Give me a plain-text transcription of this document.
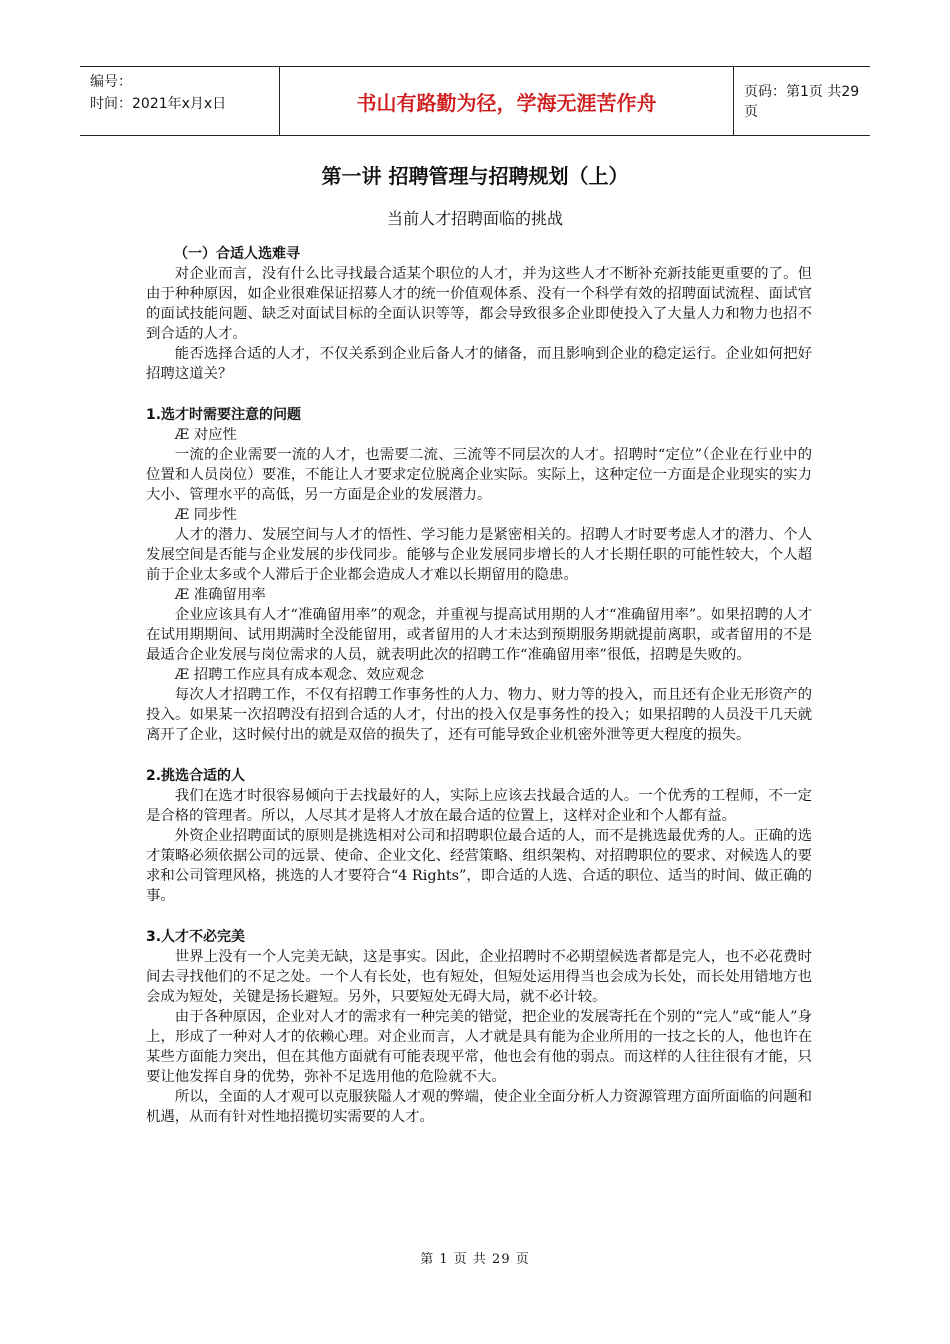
编号：
时间：2021年x月x日	书山有路勤为径，学海无涯苦作舟	页码：第1页 共29页
第一讲 招聘管理与招聘规划（上）
当前人才招聘面临的挑战
（一）合适人选难寻

对企业而言，没有什么比寻找最合适某个职位的人才，并为这些人才不断补充新技能更重要的了。但由于种种原因，如企业很难保证招募人才的统一价值观体系、没有一个科学有效的招聘面试流程、面试官的面试技能问题、缺乏对面试目标的全面认识等等，都会导致很多企业即使投入了大量人力和物力也招不到合适的人才。

能否选择合适的人才，不仅关系到企业后备人才的储备，而且影响到企业的稳定运行。企业如何把好招聘这道关？

1.选才时需要注意的问题
Æ 对应性

一流的企业需要一流的人才，也需要二流、三流等不同层次的人才。招聘时“定位”（企业在行业中的位置和人员岗位）要准，不能让人才要求定位脱离企业实际。实际上，这种定位一方面是企业现实的实力大小、管理水平的高低，另一方面是企业的发展潜力。

Æ 同步性

人才的潜力、发展空间与人才的悟性、学习能力是紧密相关的。招聘人才时要考虑人才的潜力、个人发展空间是否能与企业发展的步伐同步。能够与企业发展同步增长的人才长期任职的可能性较大，个人超前于企业太多或个人滞后于企业都会造成人才难以长期留用的隐患。

Æ 准确留用率

企业应该具有人才“准确留用率”的观念，并重视与提高试用期的人才“准确留用率”。如果招聘的人才在试用期期间、试用期满时全没能留用，或者留用的人才未达到预期服务期就提前离职，或者留用的不是最适合企业发展与岗位需求的人员，就表明此次的招聘工作“准确留用率”很低，招聘是失败的。

Æ 招聘工作应具有成本观念、效应观念

每次人才招聘工作，不仅有招聘工作事务性的人力、物力、财力等的投入，而且还有企业无形资产的投入。如果某一次招聘没有招到合适的人才，付出的投入仅是事务性的投入；如果招聘的人员没干几天就离开了企业，这时候付出的就是双倍的损失了，还有可能导致企业机密外泄等更大程度的损失。

2.挑选合适的人

我们在选才时很容易倾向于去找最好的人，实际上应该去找最合适的人。一个优秀的工程师，不一定是合格的管理者。所以，人尽其才是将人才放在最合适的位置上，这样对企业和个人都有益。

外资企业招聘面试的原则是挑选相对公司和招聘职位最合适的人，而不是挑选最优秀的人。正确的选才策略必须依据公司的远景、使命、企业文化、经营策略、组织架构、对招聘职位的要求、对候选人的要求和公司管理风格，挑选的人才要符合“4 Rights”，即合适的人选、合适的职位、适当的时间、做正确的事。

3.人才不必完美

世界上没有一个人完美无缺，这是事实。因此，企业招聘时不必期望候选者都是完人，也不必花费时间去寻找他们的不足之处。一个人有长处，也有短处，但短处运用得当也会成为长处，而长处用错地方也会成为短处，关键是扬长避短。另外，只要短处无碍大局，就不必计较。

由于各种原因，企业对人才的需求有一种完美的错觉，把企业的发展寄托在个别的“完人”或“能人”身上，形成了一种对人才的依赖心理。对企业而言，人才就是具有能为企业所用的一技之长的人，他也许在某些方面能力突出，但在其他方面就有可能表现平常，他也会有他的弱点。而这样的人往往很有才能，只要让他发挥自身的优势，弥补不足选用他的危险就不大。

所以，全面的人才观可以克服狭隘人才观的弊端，使企业全面分析人力资源管理方面所面临的问题和机遇，从而有针对性地招揽切实需要的人才。

第 1 页 共 29 页
